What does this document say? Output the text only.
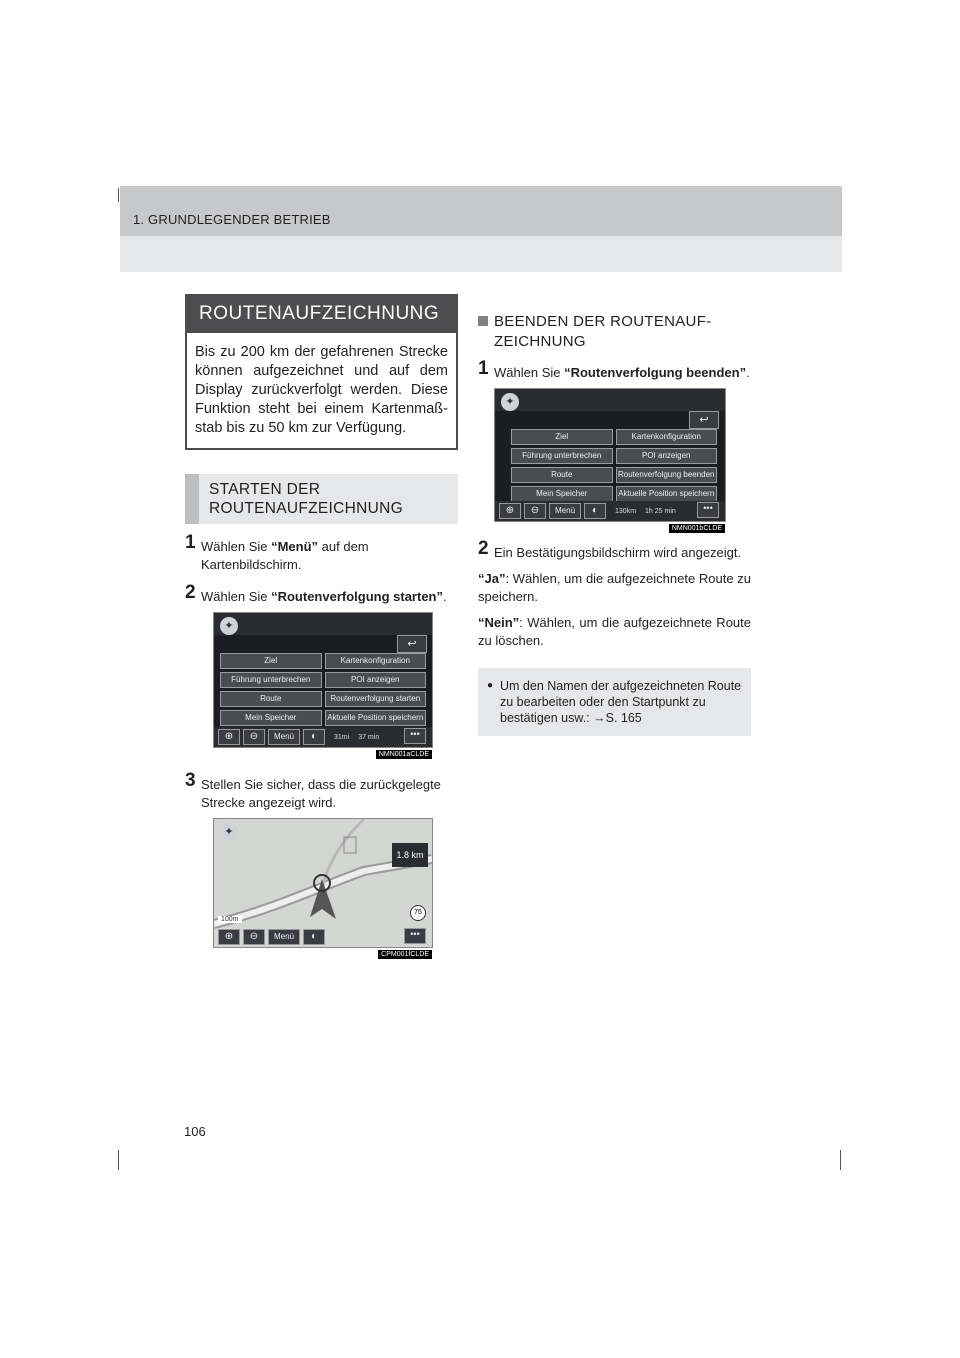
1. GRUNDLEGENDER BETRIEB
ROUTENAUFZEICHNUNG
Bis zu 200 km der gefahrenen Strecke können aufgezeichnet und auf dem Display zurückverfolgt werden. Diese Funktion steht bei einem Kartenmaß-stab bis zu 50 km zur Verfügung.
STARTEN DER ROUTENAUFZEICHNUNG
1 Wählen Sie “Menü” auf dem Kartenbildschirm.
2 Wählen Sie “Routenverfolgung starten”.
✦
↩
Ziel	Kartenkonfiguration
Führung unterbrechen	POI anzeigen
Route	Routenverfolgung starten
Mein Speicher	Aktuelle Position speichern
⊕	⊖	Menü	◐	31mi 37 min	•••
NMN001aCLDE
3 Stellen Sie sicher, dass die zurückgelegte Strecke angezeigt wird.
✦
1.8 km
100m
75
⊕	⊖	Menü	◐	•••
CPM001fCLDE
BEENDEN DER ROUTENAUF-ZEICHNUNG
1 Wählen Sie “Routenverfolgung beenden”.
✦
↩
Ziel	Kartenkonfiguration
Führung unterbrechen	POI anzeigen
Route	Routenverfolgung beenden
Mein Speicher	Aktuelle Position speichern
⊕	⊖	Menü	◐	130km 1h 25 min	•••
NMN001bCLDE
2 Ein Bestätigungsbildschirm wird angezeigt.
“Ja”: Wählen, um die aufgezeichnete Route zu speichern.
“Nein”: Wählen, um die aufgezeichnete Route zu löschen.
● Um den Namen der aufgezeichneten Route zu bearbeiten oder den Startpunkt zu bestätigen usw.: →S. 165
106
